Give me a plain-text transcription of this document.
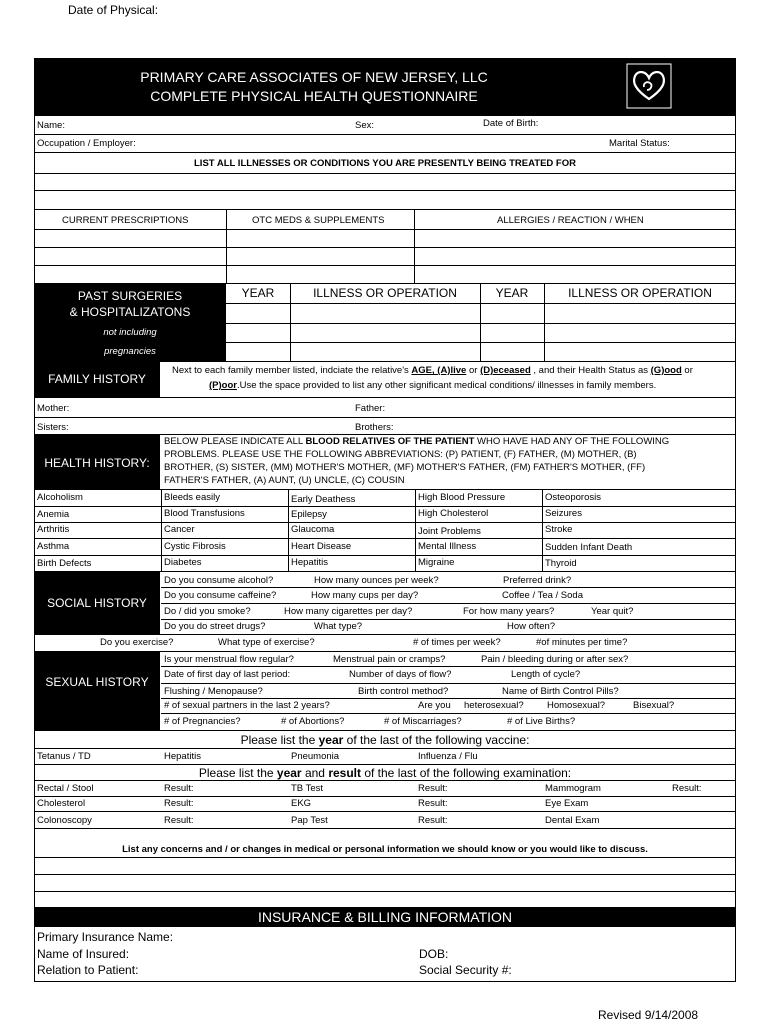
Date of Physical:
PRIMARY CARE ASSOCIATES OF NEW JERSEY, LLC
COMPLETE PHYSICAL HEALTH QUESTIONNAIRE
Name:	Sex:	Date of Birth:
Occupation / Employer:	Marital Status:
LIST ALL ILLNESSES OR CONDITIONS YOU ARE PRESENTLY BEING TREATED FOR
CURRENT PRESCRIPTIONS	OTC MEDS & SUPPLEMENTS	ALLERGIES / REACTION / WHEN
PAST SURGERIES
& HOSPITALIZATONS
not including
pregnancies
YEAR	ILLNESS OR OPERATION	YEAR	ILLNESS OR OPERATION
FAMILY HISTORY
Next to each family member listed, indciate the relative's AGE, (A)live or (D)eceased , and their Health Status as (G)ood or
(P)oor.Use the space provided to list any other significant medical conditions/ illnesses in family members.
Mother:	Father:
Sisters:	Brothers:
HEALTH HISTORY:
BELOW PLEASE INDICATE ALL BLOOD RELATIVES OF THE PATIENT WHO HAVE HAD ANY OF THE FOLLOWING
PROBLEMS. PLEASE USE THE FOLLOWING ABBREVIATIONS: (P) PATIENT, (F) FATHER, (M) MOTHER, (B)
BROTHER, (S) SISTER, (MM) MOTHER'S MOTHER, (MF) MOTHER'S FATHER, (FM) FATHER'S MOTHER, (FF)
FATHER'S FATHER, (A) AUNT, (U) UNCLE, (C) COUSIN
Alcoholism	Bleeds easily	Early Deathess	High Blood Pressure	Osteoporosis
Anemia	Blood Transfusions	Epilepsy	High Cholesterol	Seizures
Arthritis	Cancer	Glaucoma	Joint Problems	Stroke
Asthma	Cystic Fibrosis	Heart Disease	Mental Illness	Sudden Infant Death
Birth Defects	Diabetes	Hepatitis	Migraine	Thyroid
SOCIAL HISTORY
Do you consume alcohol?	How many ounces per week?	Preferred drink?
Do you consume caffeine?	How many cups per day?	Coffee / Tea / Soda
Do / did you smoke?	How many cigarettes per day?	For how many years?	Year quit?
Do you do street drugs?	What type?	How often?
Do you exercise?	What type of exercise?	# of times per week?	#of minutes per time?
SEXUAL HISTORY
Is your menstrual flow regular?	Menstrual pain or cramps?	Pain / bleeding during or after sex?
Date of first day of last period:	Number of days of flow?	Length of cycle?
Flushing / Menopause?	Birth control method?	Name of Birth Control Pills?
# of sexual partners in the last 2 years?	Are you heterosexual? Homosexual?	Bisexual?
# of Pregnancies?	# of Abortions?	# of Miscarriages?	# of Live Births?
Please list the year of the last of the following vaccine:
Tetanus / TD	Hepatitis	Pneumonia	Influenza / Flu
Please list the year and result of the last of the following examination:
Rectal / Stool	Result:	TB Test	Result:	Mammogram	Result:
Cholesterol	Result:	EKG	Result:	Eye Exam
Colonoscopy	Result:	Pap Test	Result:	Dental Exam
List any concerns and / or changes in medical or personal information we should know or you would like to discuss.
INSURANCE & BILLING INFORMATION
Primary Insurance Name:
Name of Insured:	DOB:
Relation to Patient:	Social Security #:
Revised 9/14/2008
